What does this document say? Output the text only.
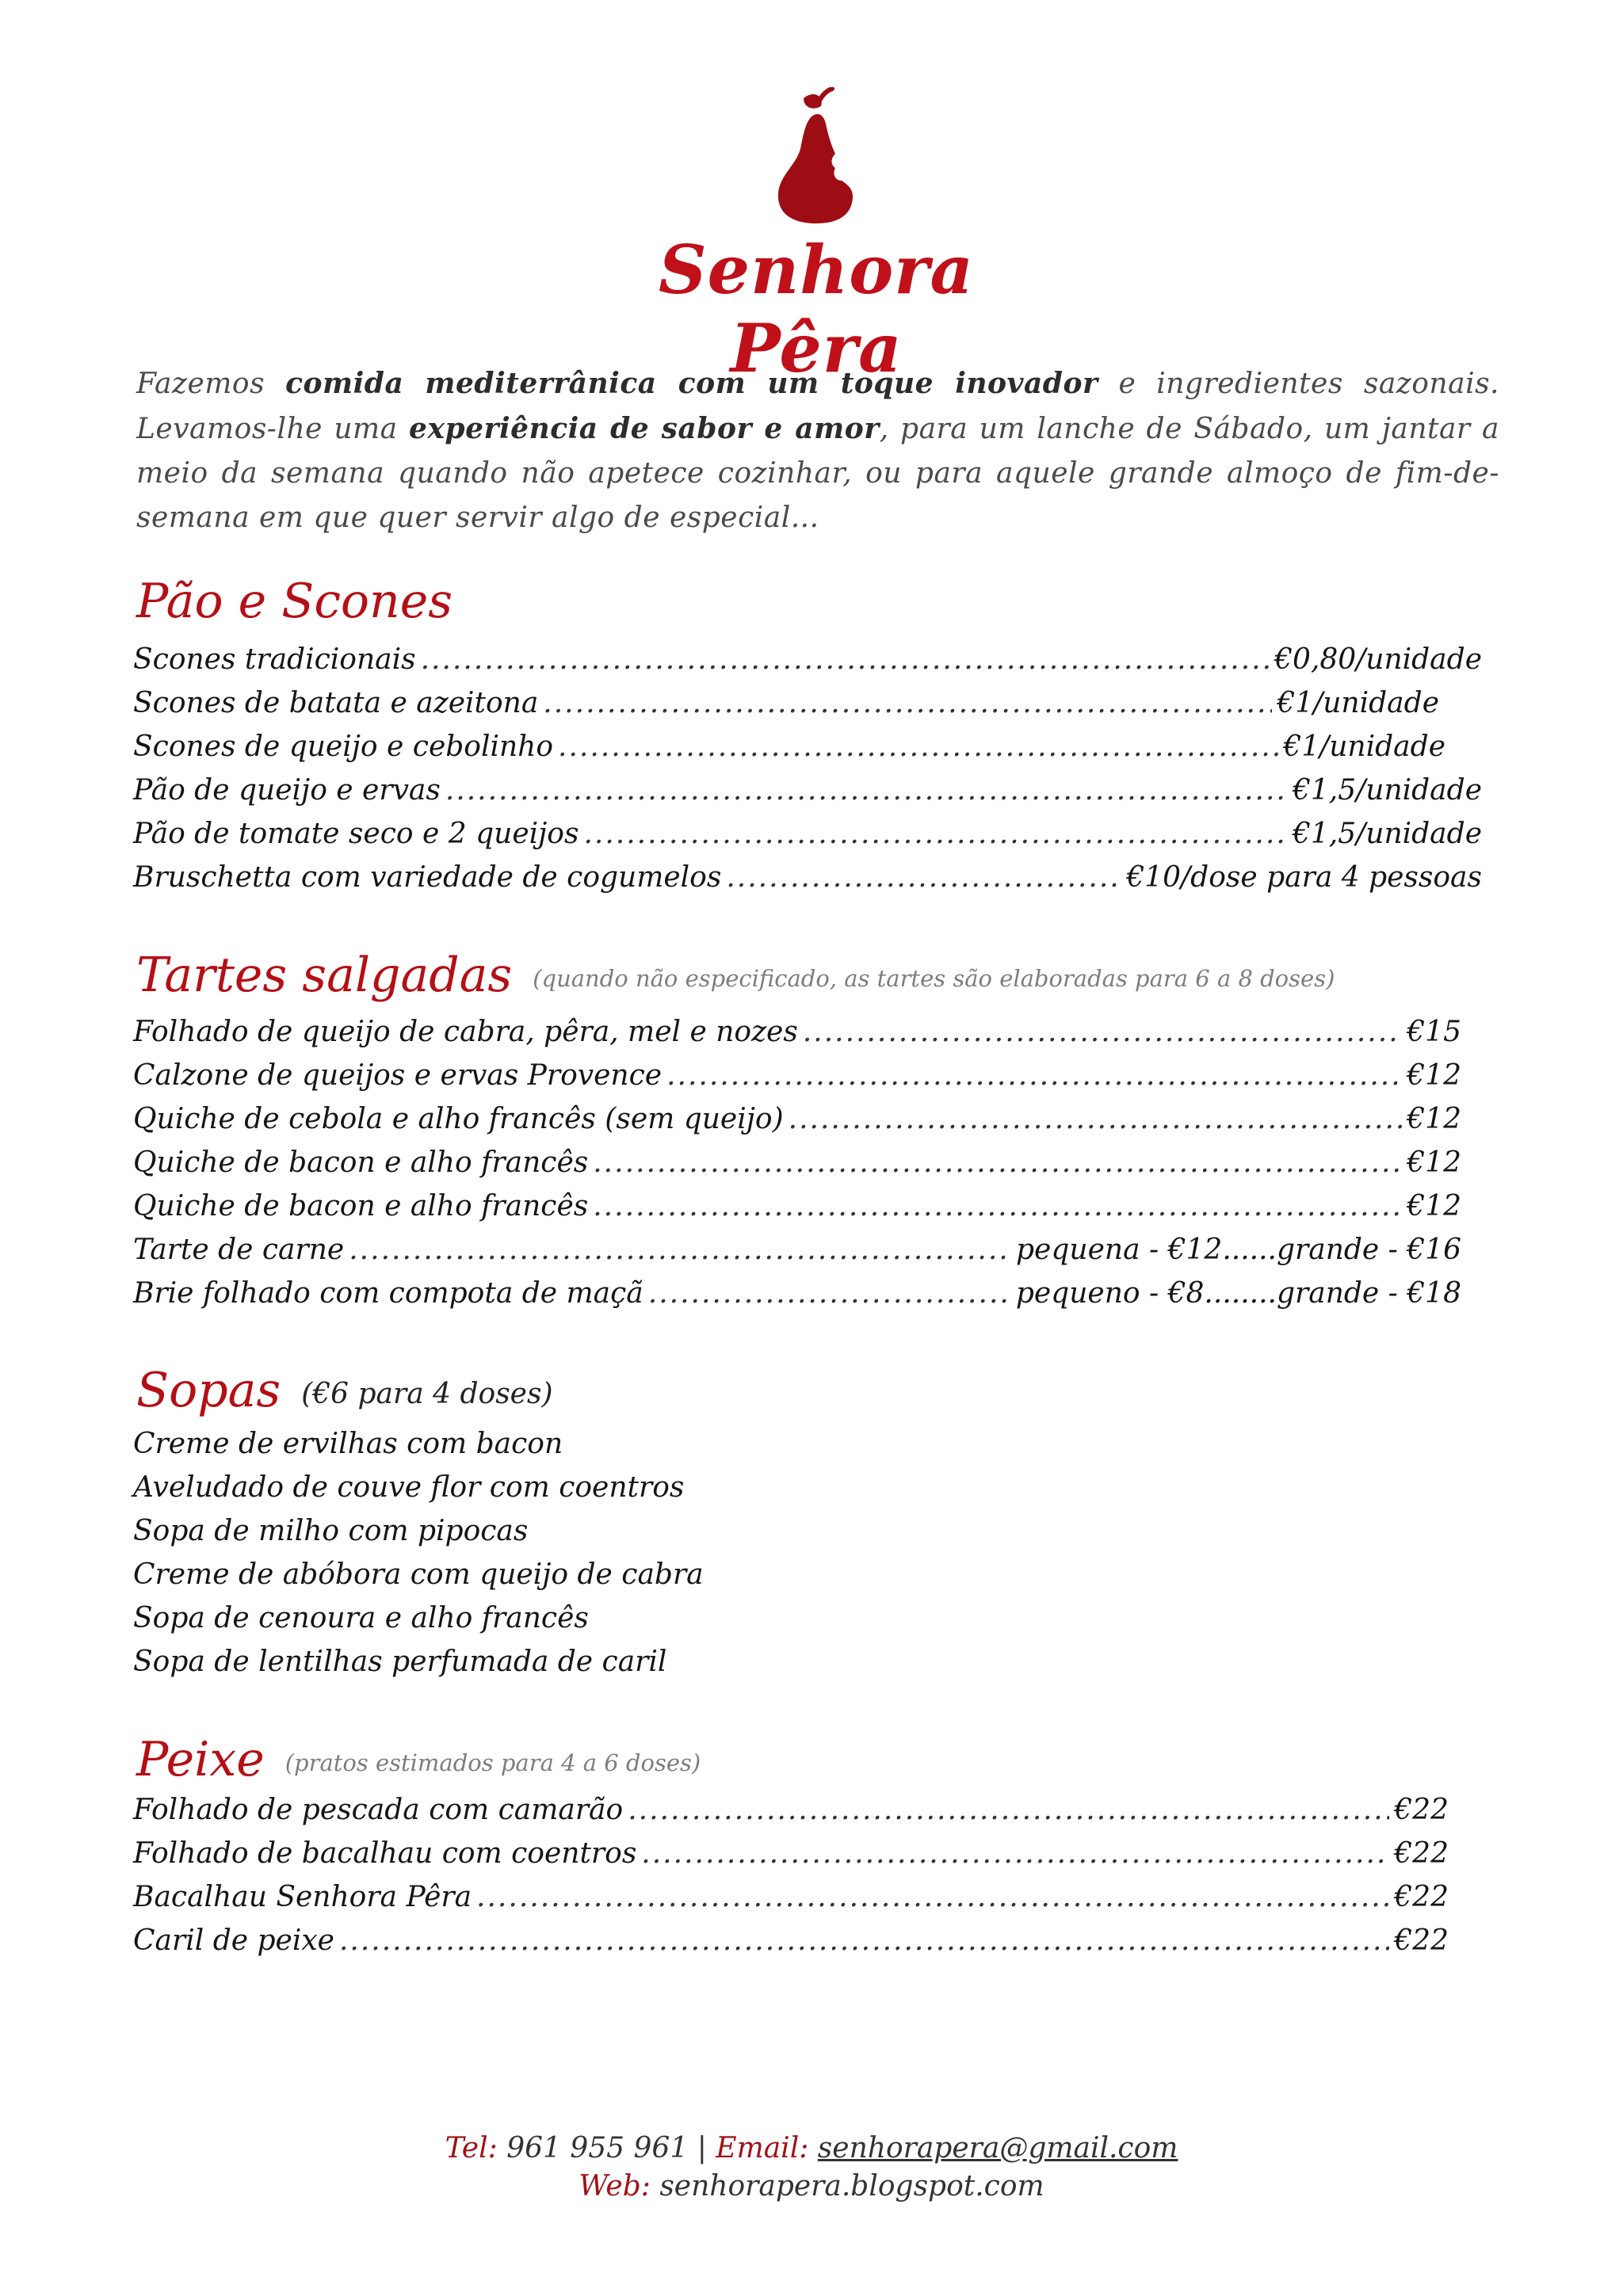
Senhora Pêra
Fazemos comida mediterrânica com um toque inovador e ingredientes sazonais. Levamos-lhe uma experiência de sabor e amor, para um lanche de Sábado, um jantar a meio da semana quando não apetece cozinhar, ou para aquele grande almoço de fim-de-semana em que quer servir algo de especial...
Pão e Scones
Scones tradicionais .....	€0,80/unidade
Scones de batata e azeitona .....	€1/unidade
Scones de queijo e cebolinho .....	€1/unidade
Pão de queijo e ervas .....	€1,5/unidade
Pão de tomate seco e 2 queijos .....	€1,5/unidade
Bruschetta com variedade de cogumelos .....	€10/dose para 4 pessoas
Tartes salgadas (quando não especificado, as tartes são elaboradas para 6 a 8 doses)
Folhado de queijo de cabra, pêra, mel e nozes .....	€15
Calzone de queijos e ervas Provence .....	€12
Quiche de cebola e alho francês (sem queijo) .....	€12
Quiche de bacon e alho francês .....	€12
Quiche de bacon e alho francês .....	€12
Tarte de carne .....	pequena - €12......grande - €16
Brie folhado com compota de maçã .....	pequeno - €8........grande - €18
Sopas (€6 para 4 doses)
Creme de ervilhas com bacon
Aveludado de couve flor com coentros
Sopa de milho com pipocas
Creme de abóbora com queijo de cabra
Sopa de cenoura e alho francês
Sopa de lentilhas perfumada de caril
Peixe (pratos estimados para 4 a 6 doses)
Folhado de pescada com camarão .....	€22
Folhado de bacalhau com coentros .....	€22
Bacalhau Senhora Pêra .....	€22
Caril de peixe .....	€22
Tel: 961 955 961 | Email: senhorapera@gmail.com
Web: senhorapera.blogspot.com
